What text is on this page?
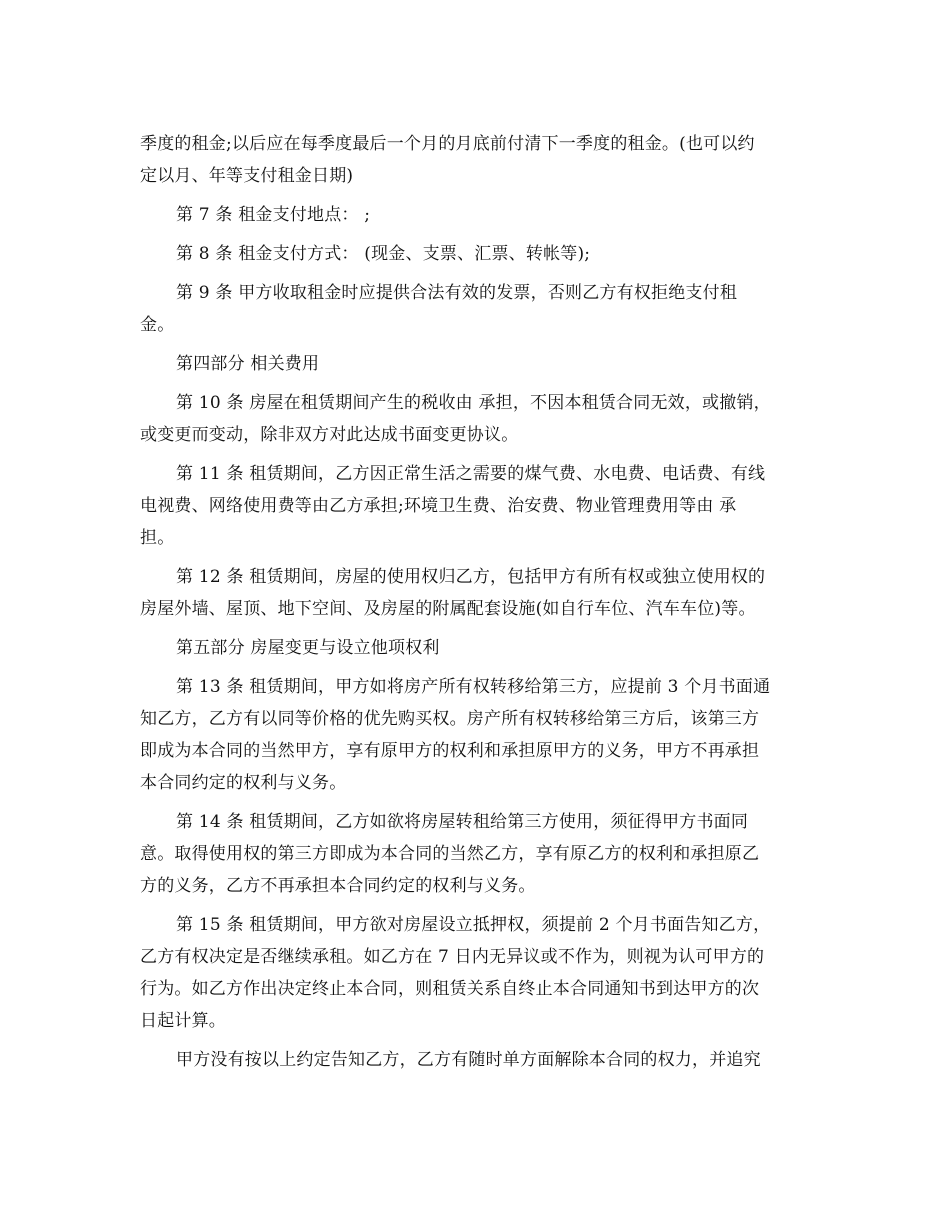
季度的租金;以后应在每季度最后一个月的月底前付清下一季度的租金。(也可以约
定以月、年等支付租金日期)
第 7 条 租金支付地点： ;
第 8 条 租金支付方式： (现金、支票、汇票、转帐等);
第 9 条 甲方收取租金时应提供合法有效的发票，否则乙方有权拒绝支付租
金。
第四部分 相关费用
第 10 条 房屋在租赁期间产生的税收由 承担，不因本租赁合同无效，或撤销，
或变更而变动，除非双方对此达成书面变更协议。
第 11 条 租赁期间，乙方因正常生活之需要的煤气费、水电费、电话费、有线
电视费、网络使用费等由乙方承担;环境卫生费、治安费、物业管理费用等由 承
担。
第 12 条 租赁期间，房屋的使用权归乙方，包括甲方有所有权或独立使用权的
房屋外墙、屋顶、地下空间、及房屋的附属配套设施(如自行车位、汽车车位)等。
第五部分 房屋变更与设立他项权利
第 13 条 租赁期间，甲方如将房产所有权转移给第三方，应提前 3 个月书面通
知乙方，乙方有以同等价格的优先购买权。房产所有权转移给第三方后，该第三方
即成为本合同的当然甲方，享有原甲方的权利和承担原甲方的义务，甲方不再承担
本合同约定的权利与义务。
第 14 条 租赁期间，乙方如欲将房屋转租给第三方使用，须征得甲方书面同
意。取得使用权的第三方即成为本合同的当然乙方，享有原乙方的权利和承担原乙
方的义务，乙方不再承担本合同约定的权利与义务。
第 15 条 租赁期间，甲方欲对房屋设立抵押权，须提前 2 个月书面告知乙方，
乙方有权决定是否继续承租。如乙方在 7 日内无异议或不作为，则视为认可甲方的
行为。如乙方作出决定终止本合同，则租赁关系自终止本合同通知书到达甲方的次
日起计算。
甲方没有按以上约定告知乙方，乙方有随时单方面解除本合同的权力，并追究
